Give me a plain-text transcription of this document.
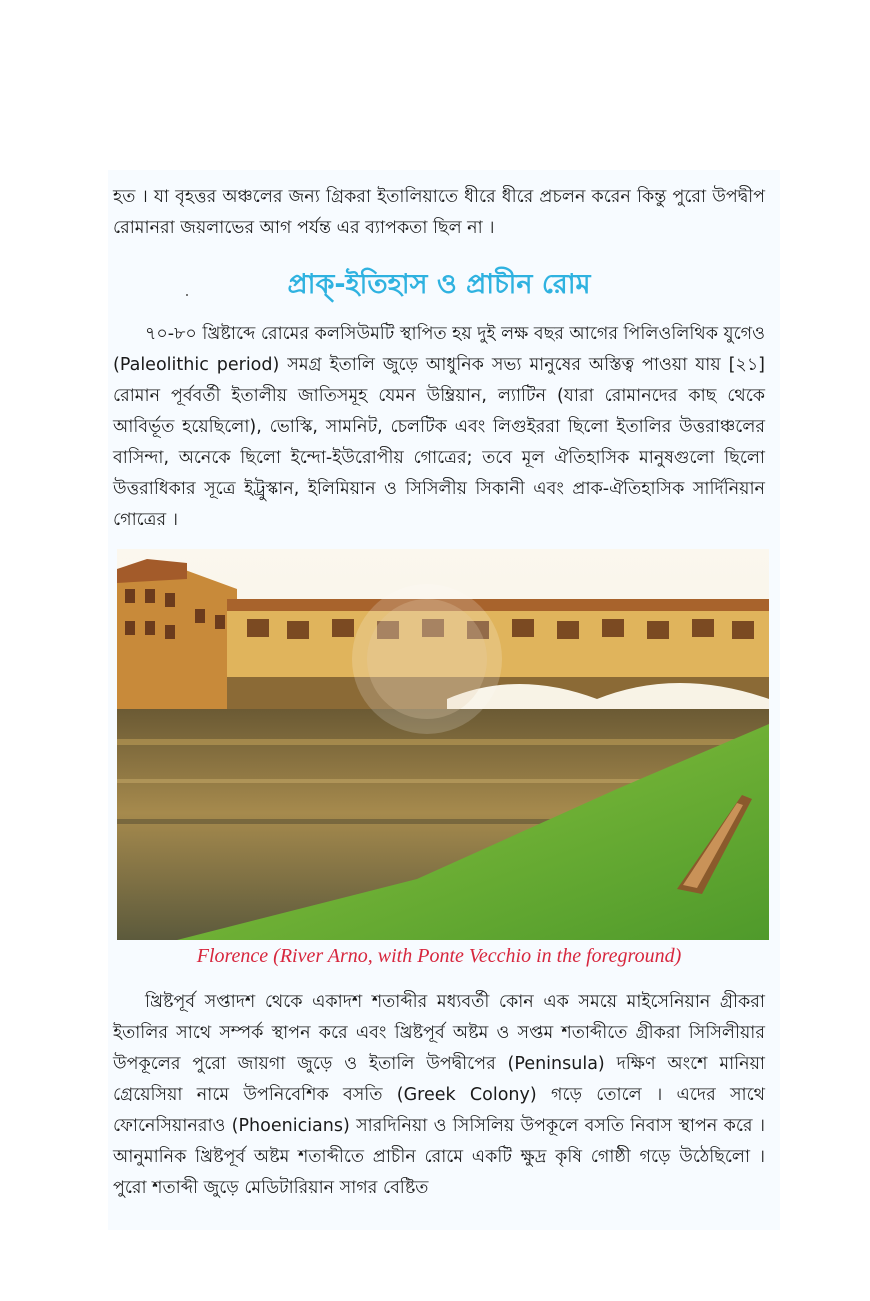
হত । যা বৃহত্তর অঞ্চলের জন্য গ্রিকরা ইতালিয়াতে ধীরে ধীরে প্রচলন করেন কিন্তু পুরো উপদ্বীপ রোমানরা জয়লাভের আগ পর্যন্ত এর ব্যাপকতা ছিল না ।

প্রাক্-ইতিহাস ও প্রাচীন রোম

৭০-৮০ খ্রিষ্টাব্দে রোমের কলসিউমটি স্থাপিত হয় দুই লক্ষ বছর আগের পিলিওলিথিক যুগেও (Paleolithic period) সমগ্র ইতালি জুড়ে আধুনিক সভ্য মানুষের অস্তিত্ব পাওয়া যায় [২১] রোমান পূর্ববর্তী ইতালীয় জাতিসমূহ যেমন উম্ব্রিয়ান, ল্যাটিন (যারা রোমানদের কাছ থেকে আবির্ভূত হয়েছিলো), ভোস্কি, সামনিট, চেলটিক এবং লিগুইররা ছিলো ইতালির উত্তরাঞ্চলের বাসিন্দা, অনেকে ছিলো ইন্দো-ইউরোপীয় গোত্রের; তবে মূল ঐতিহাসিক মানুষগুলো ছিলো উত্তরাধিকার সূত্রে ইট্রুস্কান, ইলিমিয়ান ও সিসিলীয় সিকানী এবং প্রাক-ঐতিহাসিক সার্দিনিয়ান গোত্রের ।

Florence (River Arno, with Ponte Vecchio in the foreground)

খ্রিষ্টপূর্ব সপ্তাদশ থেকে একাদশ শতাব্দীর মধ্যবর্তী কোন এক সময়ে মাইসেনিয়ান গ্রীকরা ইতালির সাথে সম্পর্ক স্থাপন করে এবং খ্রিষ্টপূর্ব অষ্টম ও সপ্তম শতাব্দীতে গ্রীকরা সিসিলীয়ার উপকূলের পুরো জায়গা জুড়ে ও ইতালি উপদ্বীপের (Peninsula) দক্ষিণ অংশে মানিয়া গ্রেয়েসিয়া নামে উপনিবেশিক বসতি (Greek Colony) গড়ে তোলে । এদের সাথে ফোনেসিয়ানরাও (Phoenicians) সারদিনিয়া ও সিসিলিয় উপকূলে বসতি নিবাস স্থাপন করে । আনুমানিক খ্রিষ্টপূর্ব অষ্টম শতাব্দীতে প্রাচীন রোমে একটি ক্ষুদ্র কৃষি গোষ্ঠী গড়ে উঠেছিলো । পুরো শতাব্দী জুড়ে মেডিটারিয়ান সাগর বেষ্টিত
